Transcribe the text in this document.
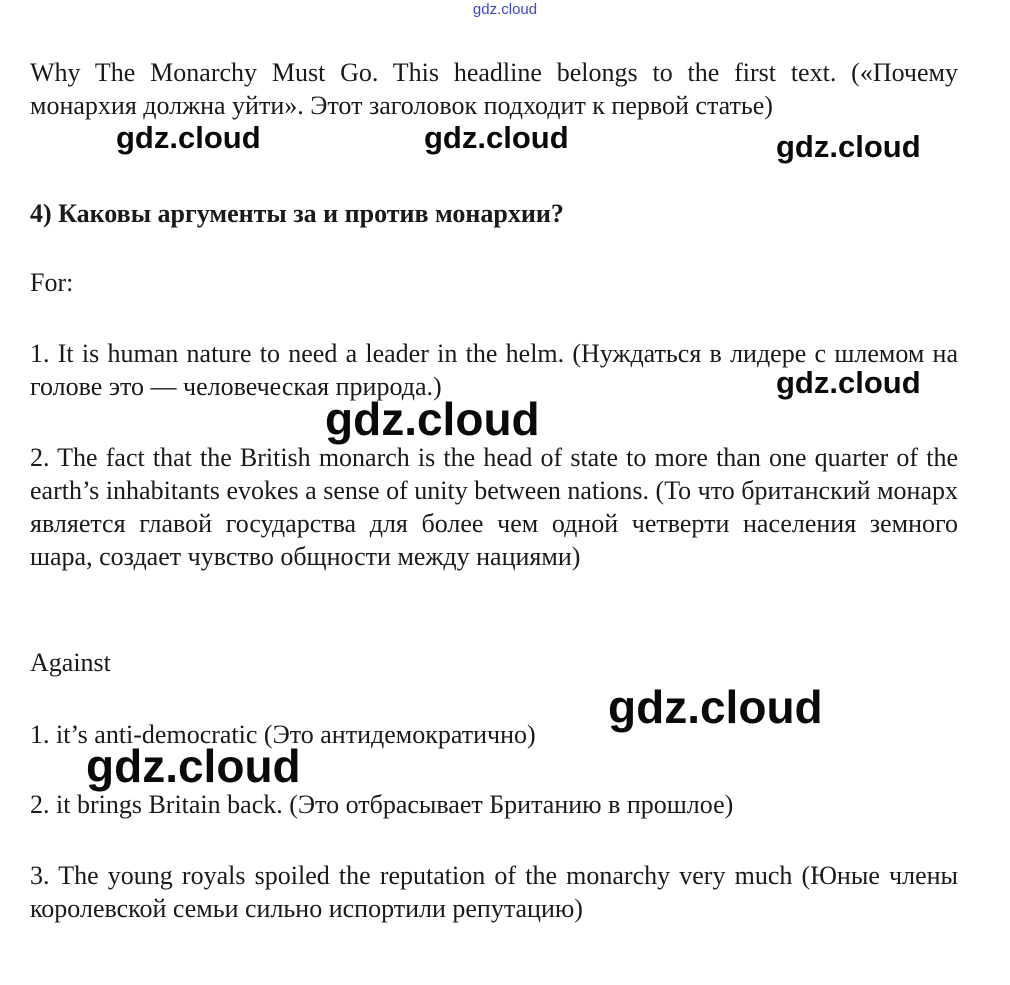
gdz.cloud

Why The Monarchy Must Go. This headline belongs to the first text. («Почему монархия должна уйти». Этот заголовок подходит к первой статье)

4) Каковы аргументы за и против монархии?

For:

1. It is human nature to need a leader in the helm. (Нуждаться в лидере с шлемом на голове это — человеческая природа.)

2. The fact that the British monarch is the head of state to more than one quarter of the earth’s inhabitants evokes a sense of unity between nations. (То что британский монарх является главой государства для более чем одной четверти населения земного шара, создает чувство общности между нациями)

Against

1. it’s anti-democratic (Это антидемократично)

2. it brings Britain back. (Это отбрасывает Британию в прошлое)

3. The young royals spoiled the reputation of the monarchy very much (Юные члены королевской семьи сильно испортили репутацию)

gdz.cloud	gdz.cloud	gdz.cloud
gdz.cloud
gdz.cloud
gdz.cloud
gdz.cloud
